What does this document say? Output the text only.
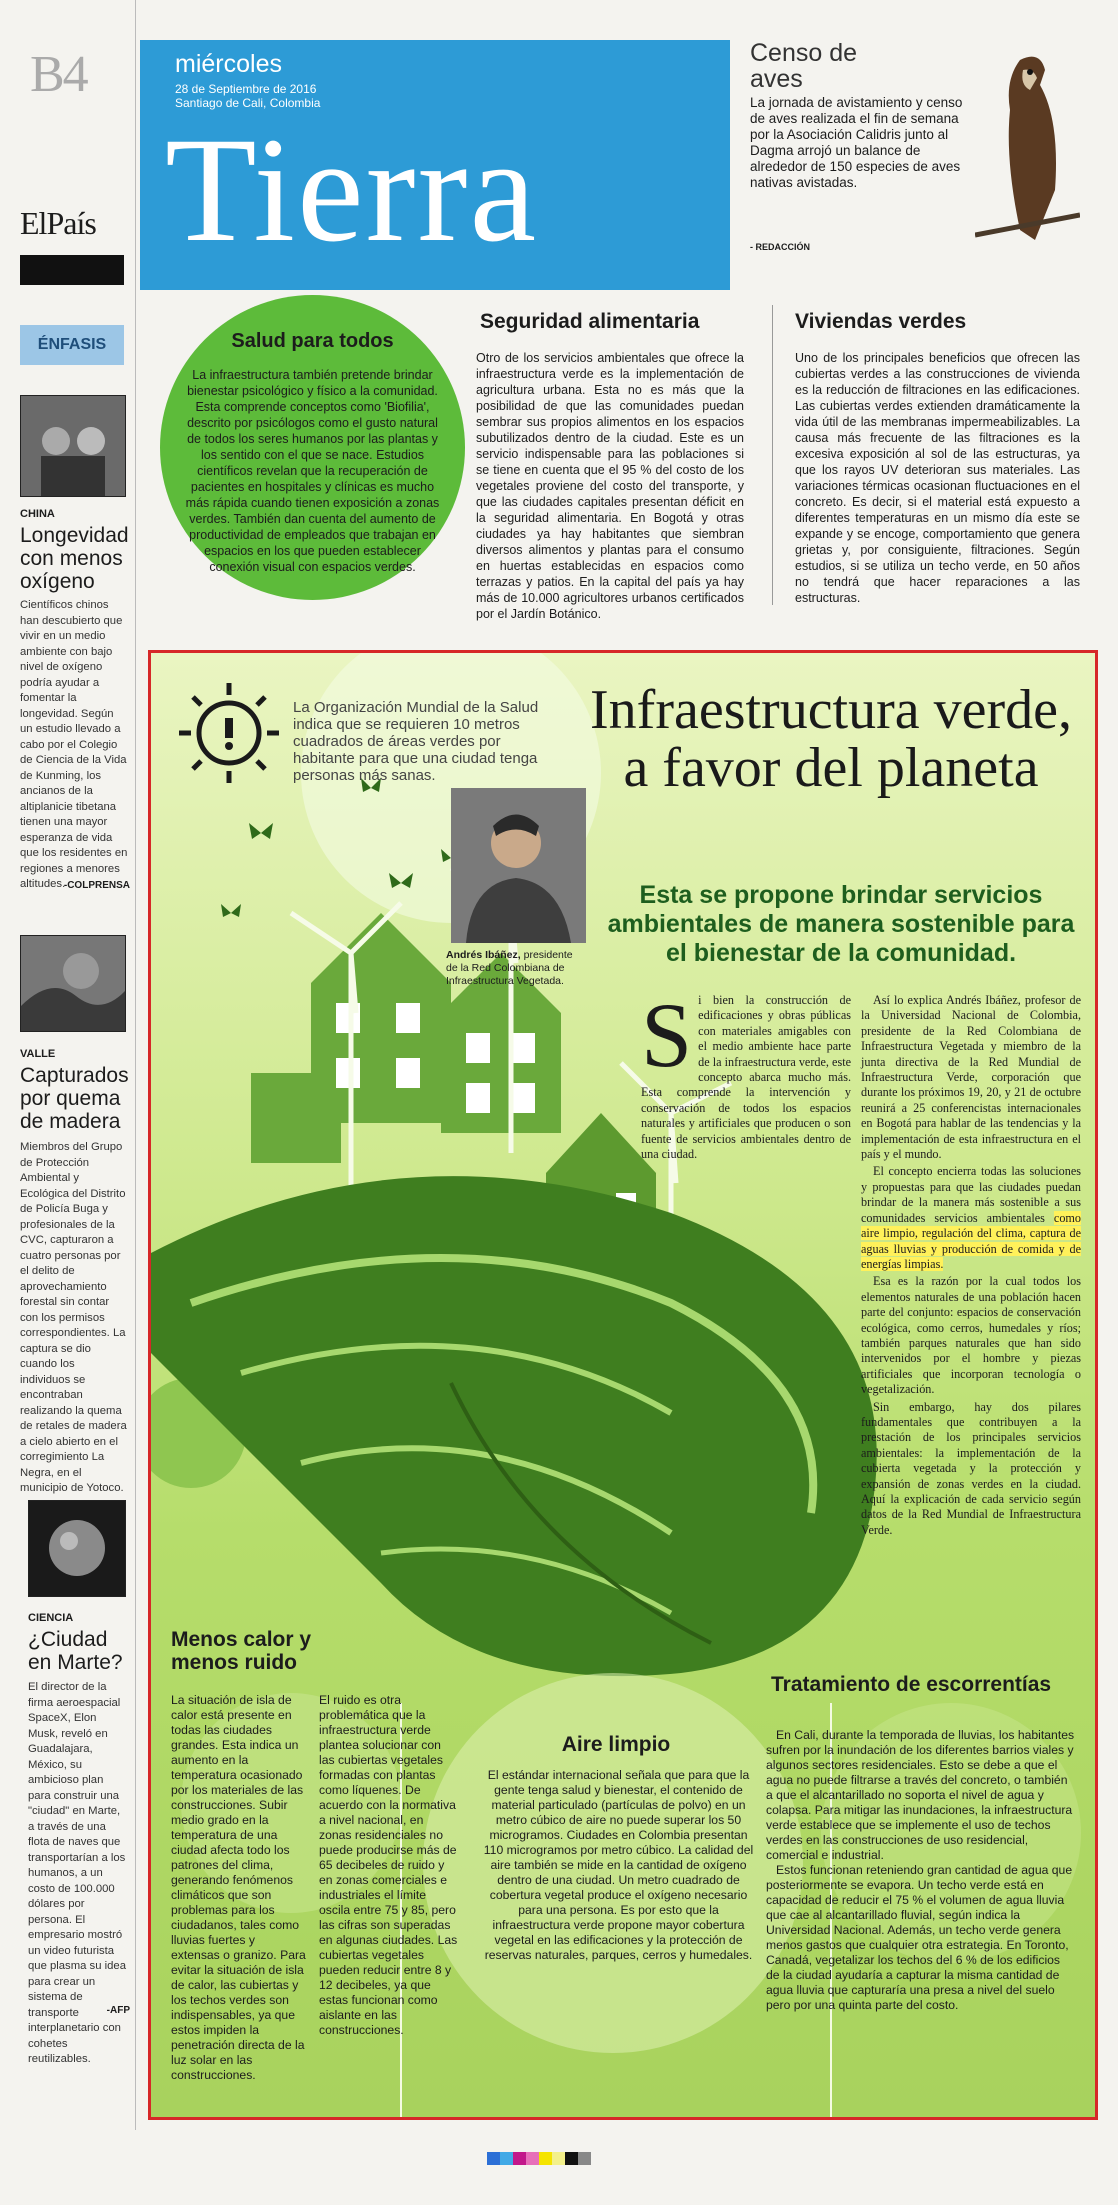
B4
ElPaís
ÉNFASIS
CHINA
Longevidad con menos oxígeno
Científicos chinos han descubierto que vivir en un medio ambiente con bajo nivel de oxígeno podría ayudar a fomentar la longevidad. Según un estudio llevado a cabo por el Colegio de Ciencia de la Vida de Kunming, los ancianos de la altiplanicie tibetana tienen una mayor esperanza de vida que los residentes en regiones a menores altitudes.
-COLPRENSA
VALLE
Capturados por quema de madera
Miembros del Grupo de Protección Ambiental y Ecológica del Distrito de Policía Buga y profesionales de la CVC, capturaron a cuatro personas por el delito de aprovechamiento forestal sin contar con los permisos correspondientes. La captura se dio cuando los individuos se encontraban realizando la quema de retales de madera a cielo abierto en el corregimiento La Negra, en el municipio de Yotoco.
CIENCIA
¿Ciudad en Marte?
El director de la firma aeroespacial SpaceX, Elon Musk, reveló en Guadalajara, México, su ambicioso plan para construir una "ciudad" en Marte, a través de una flota de naves que transportarían a los humanos, a un costo de 100.000 dólares por persona. El empresario mostró un video futurista que plasma su idea para crear un sistema de transporte interplanetario con cohetes reutilizables.
-AFP
miércoles
28 de Septiembre de 2016
Santiago de Cali, Colombia
Tierra
Censo de aves
La jornada de avistamiento y censo de aves realizada el fin de semana por la Asociación Calidris junto al Dagma arrojó un balance de alrededor de 150 especies de aves nativas avistadas.
- REDACCIÓN
Salud para todos
La infraestructura también pretende brindar bienestar psicológico y físico a la comunidad. Esta comprende conceptos como 'Biofilia', descrito por psicólogos como el gusto natural de todos los seres humanos por las plantas y los sentido con el que se nace. Estudios científicos revelan que la recuperación de pacientes en hospitales y clínicas es mucho más rápida cuando tienen exposición a zonas verdes. También dan cuenta del aumento de productividad de empleados que trabajan en espacios en los que pueden establecer conexión visual con espacios verdes.
Seguridad alimentaria
Otro de los servicios ambientales que ofrece la infraestructura verde es la implementación de agricultura urbana. Esta no es más que la posibilidad de que las comunidades puedan sembrar sus propios alimentos en los espacios subutilizados dentro de la ciudad. Este es un servicio indispensable para las poblaciones si se tiene en cuenta que el 95 % del costo de los vegetales proviene del costo del transporte, y que las ciudades capitales presentan déficit en la seguridad alimentaria. En Bogotá y otras ciudades ya hay habitantes que siembran diversos alimentos y plantas para el consumo en huertas establecidas en espacios como terrazas y patios. En la capital del país ya hay más de 10.000 agricultores urbanos certificados por el Jardín Botánico.
Viviendas verdes
Uno de los principales beneficios que ofrecen las cubiertas verdes a las construcciones de vivienda es la reducción de filtraciones en las edificaciones. Las cubiertas verdes extienden dramáticamente la vida útil de las membranas impermeabilizables. La causa más frecuente de las filtraciones es la excesiva exposición al sol de las estructuras, ya que los rayos UV deterioran sus materiales. Las variaciones térmicas ocasionan fluctuaciones en el concreto. Es decir, si el material está expuesto a diferentes temperaturas en un mismo día este se expande y se encoge, comportamiento que genera grietas y, por consiguiente, filtraciones. Según estudios, si se utiliza un techo verde, en 50 años no tendrá que hacer reparaciones a las estructuras.
La Organización Mundial de la Salud indica que se requieren 10 metros cuadrados de áreas verdes por habitante para que una ciudad tenga personas más sanas.
Infraestructura verde, a favor del planeta
Esta se propone brindar servicios ambientales de manera sostenible para el bienestar de la comunidad.
Andrés Ibáñez, presidente de la Red Colombiana de Infraestructura Vegetada.
Si bien la construcción de edificaciones y obras públicas con materiales amigables con el medio ambiente hace parte de la infraestructura verde, este concepto abarca mucho más. Esta comprende la intervención y conservación de todos los espacios naturales y artificiales que producen o son fuente de servicios ambientales dentro de una ciudad.

Así lo explica Andrés Ibáñez, profesor de la Universidad Nacional de Colombia, presidente de la Red Colombiana de Infraestructura Vegetada y miembro de la junta directiva de la Red Mundial de Infraestructura Verde, corporación que durante los próximos 19, 20, y 21 de octubre reunirá a 25 conferencistas internacionales en Bogotá para hablar de las tendencias y la implementación de esta infraestructura en el país y el mundo.

El concepto encierra todas las soluciones y propuestas para que las ciudades puedan brindar de la manera más sostenible a sus comunidades servicios ambientales como aire limpio, regulación del clima, captura de aguas lluvias y producción de comida y de energías limpias.

Esa es la razón por la cual todos los elementos naturales de una población hacen parte del conjunto: espacios de conservación ecológica, como cerros, humedales y ríos; también parques naturales que han sido intervenidos por el hombre y piezas artificiales que incorporan tecnología o vegetalización.

Sin embargo, hay dos pilares fundamentales que contribuyen a la prestación de los principales servicios ambientales: la implementación de la cubierta vegetada y la protección y expansión de zonas verdes en la ciudad. Aquí la explicación de cada servicio según datos de la Red Mundial de Infraestructura Verde.

Menos calor y menos ruido
La situación de isla de calor está presente en todas las ciudades grandes. Esta indica un aumento en la temperatura ocasionado por los materiales de las construcciones. Subir medio grado en la temperatura de una ciudad afecta todo los patrones del clima, generando fenómenos climáticos que son problemas para los ciudadanos, tales como lluvias fuertes y extensas o granizo. Para evitar la situación de isla de calor, las cubiertas y los techos verdes son indispensables, ya que estos impiden la penetración directa de la luz solar en las construcciones.
El ruido es otra problemática que la infraestructura verde plantea solucionar con las cubiertas vegetales formadas con plantas como líquenes. De acuerdo con la normativa a nivel nacional, en zonas residenciales no puede producirse más de 65 decibeles de ruido y en zonas comerciales e industriales el límite oscila entre 75 y 85, pero las cifras son superadas en algunas ciudades. Las cubiertas vegetales pueden reducir entre 8 y 12 decibeles, ya que estas funcionan como aislante en las construcciones.
Aire limpio
El estándar internacional señala que para que la gente tenga salud y bienestar, el contenido de material particulado (partículas de polvo) en un metro cúbico de aire no puede superar los 50 microgramos. Ciudades en Colombia presentan 110 microgramos por metro cúbico. La calidad del aire también se mide en la cantidad de oxígeno dentro de una ciudad. Un metro cuadrado de cobertura vegetal produce el oxígeno necesario para una persona. Es por esto que la infraestructura verde propone mayor cobertura vegetal en las edificaciones y la protección de reservas naturales, parques, cerros y humedales.
Tratamiento de escorrentías

En Cali, durante la temporada de lluvias, los habitantes sufren por la inundación de los diferentes barrios viales y algunos sectores residenciales. Esto se debe a que el agua no puede filtrarse a través del concreto, o también a que el alcantarillado no soporta el nivel de agua y colapsa. Para mitigar las inundaciones, la infraestructura verde establece que se implemente el uso de techos verdes en las construcciones de uso residencial, comercial e industrial.

Estos funcionan reteniendo gran cantidad de agua que posteriormente se evapora. Un techo verde está en capacidad de reducir el 75 % el volumen de agua lluvia que cae al alcantarillado fluvial, según indica la Universidad Nacional. Además, un techo verde genera menos gastos que cualquier otra estrategia. En Toronto, Canadá, vegetalizar los techos del 6 % de los edificios de la ciudad ayudaría a capturar la misma cantidad de agua lluvia que capturaría una presa a nivel del suelo pero por una quinta parte del costo.
